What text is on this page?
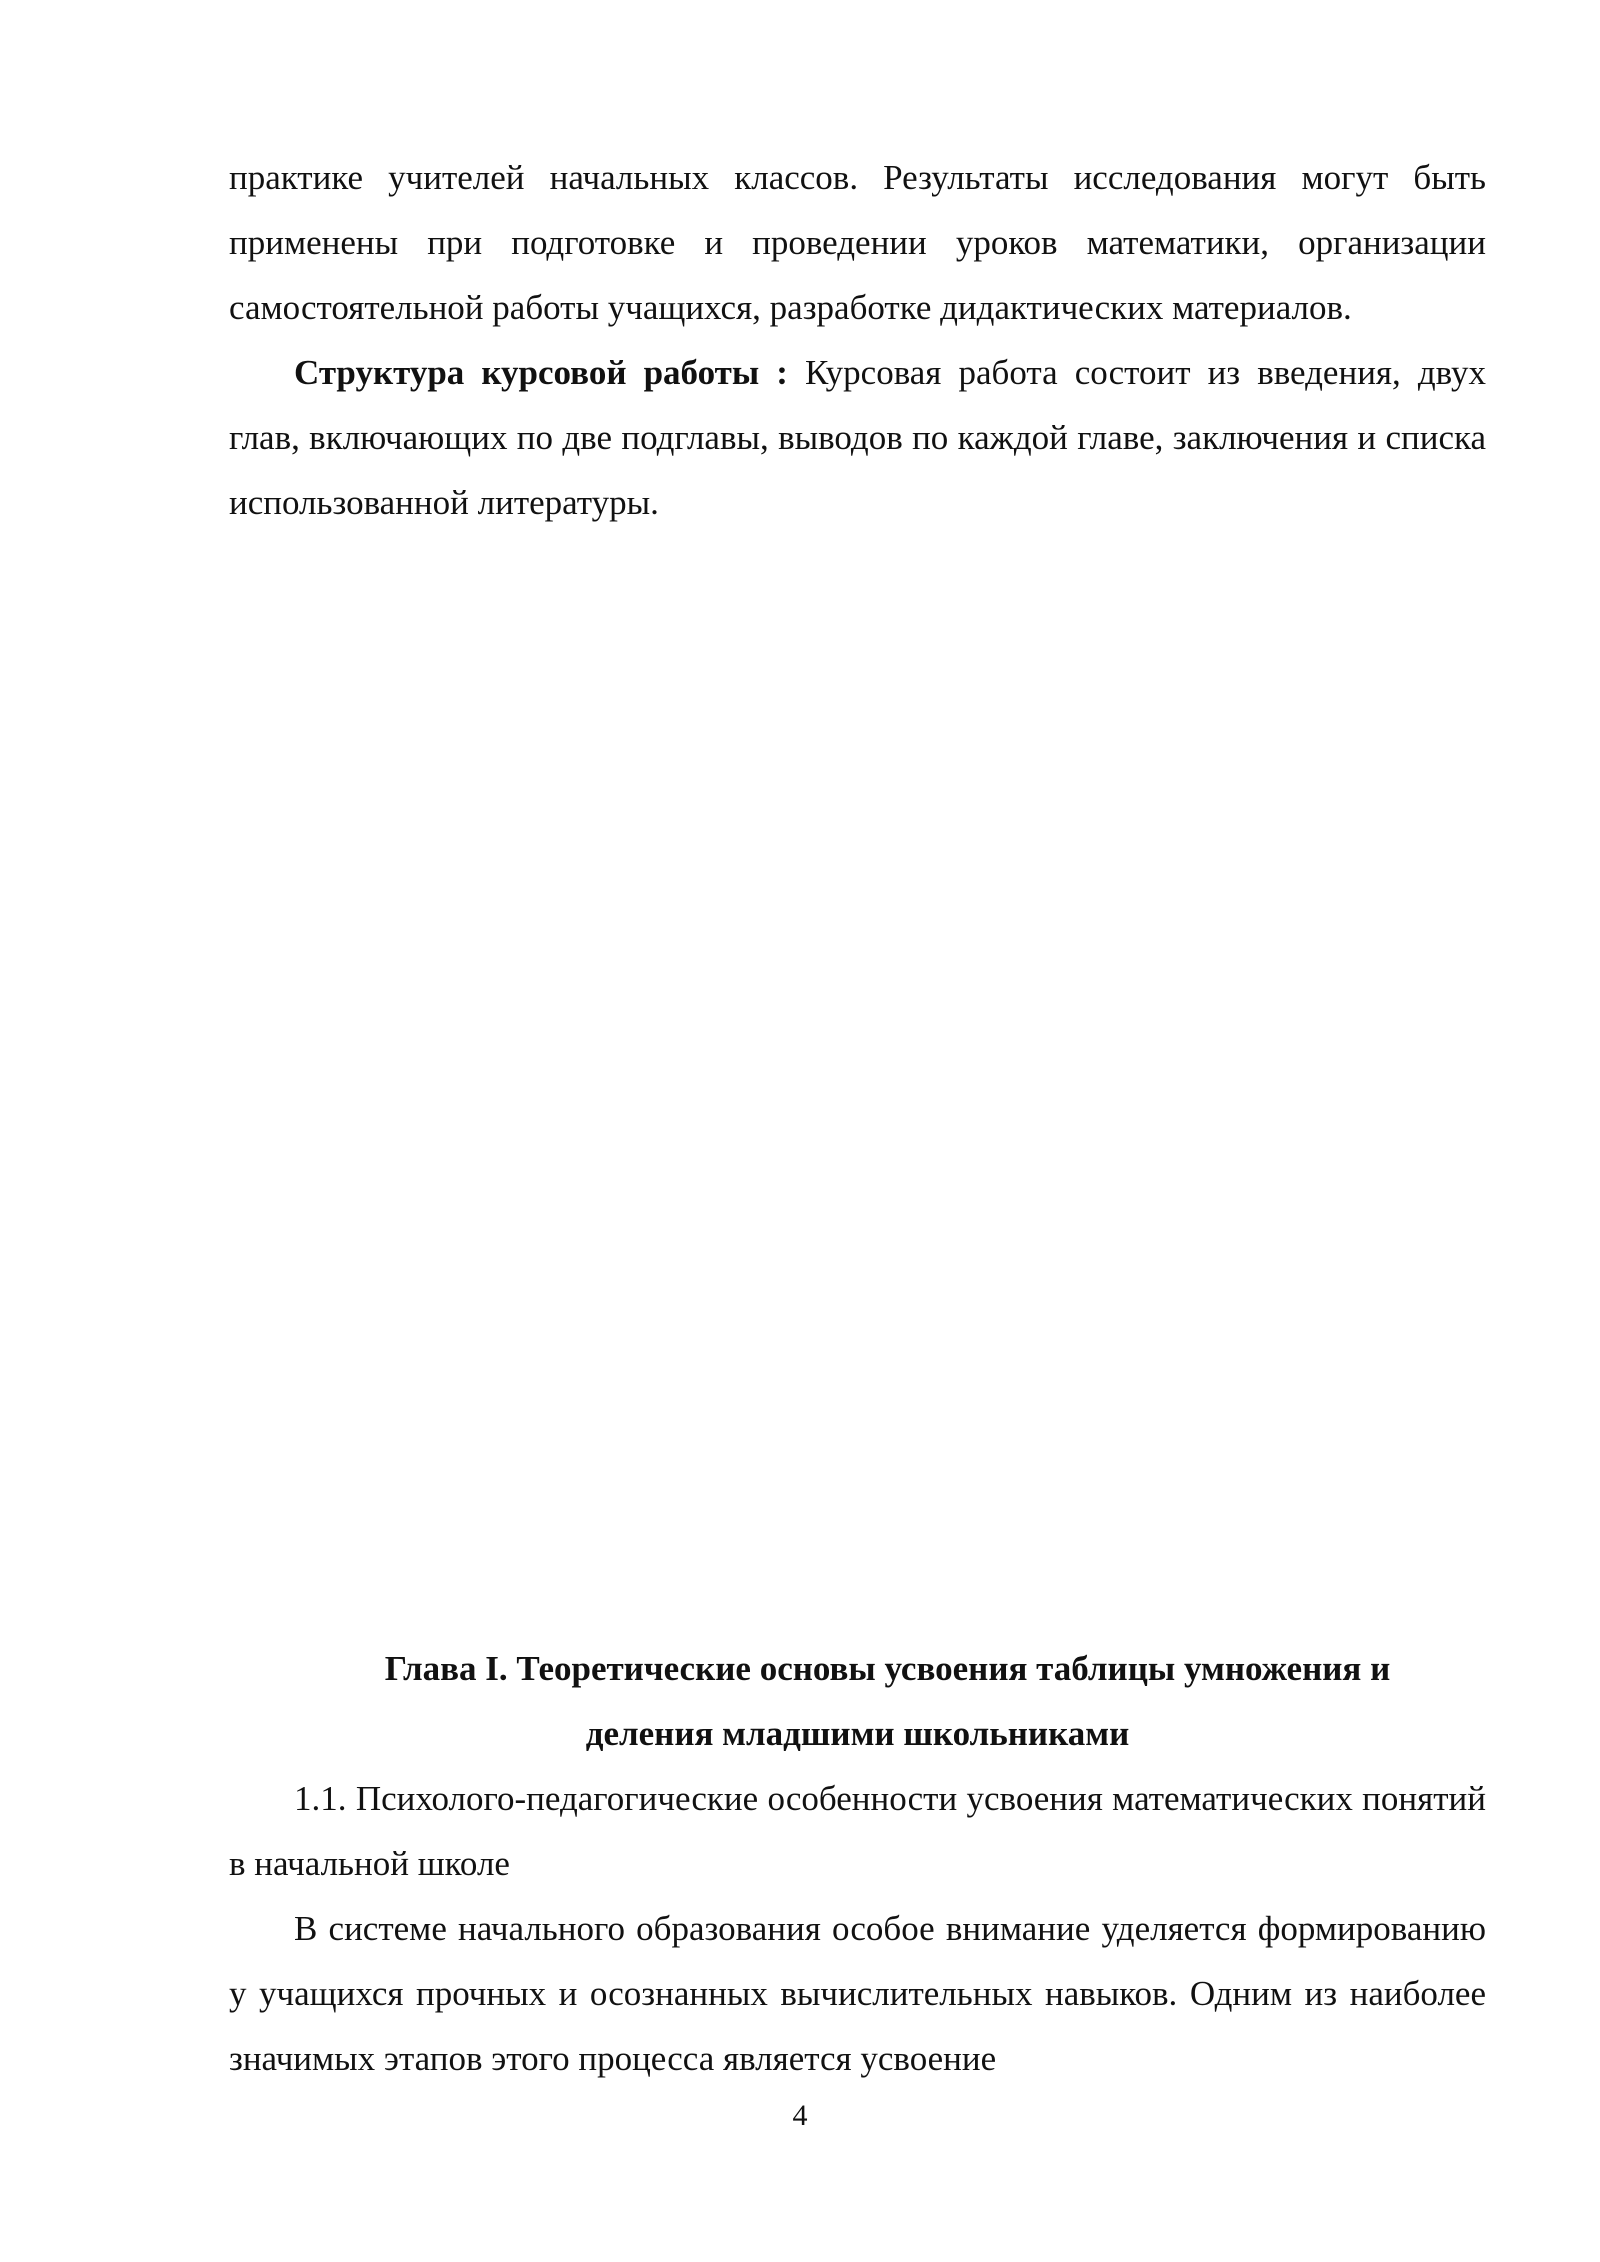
практике учителей начальных классов. Результаты исследования могут быть применены при подготовке и проведении уроков математики, организации самостоятельной работы учащихся, разработке дидактических материалов.

Структура курсовой работы : Курсовая работа состоит из введения, двух глав, включающих по две подглавы, выводов по каждой главе, заключения и списка использованной литературы.

Глава I. Теоретические основы усвоения таблицы умножения и
деления младшими школьниками

1.1. Психолого-педагогические особенности усвоения математических понятий в начальной школе

В системе начального образования особое внимание уделяется формированию у учащихся прочных и осознанных вычислительных навыков. Одним из наиболее значимых этапов этого процесса является усвоение

4
